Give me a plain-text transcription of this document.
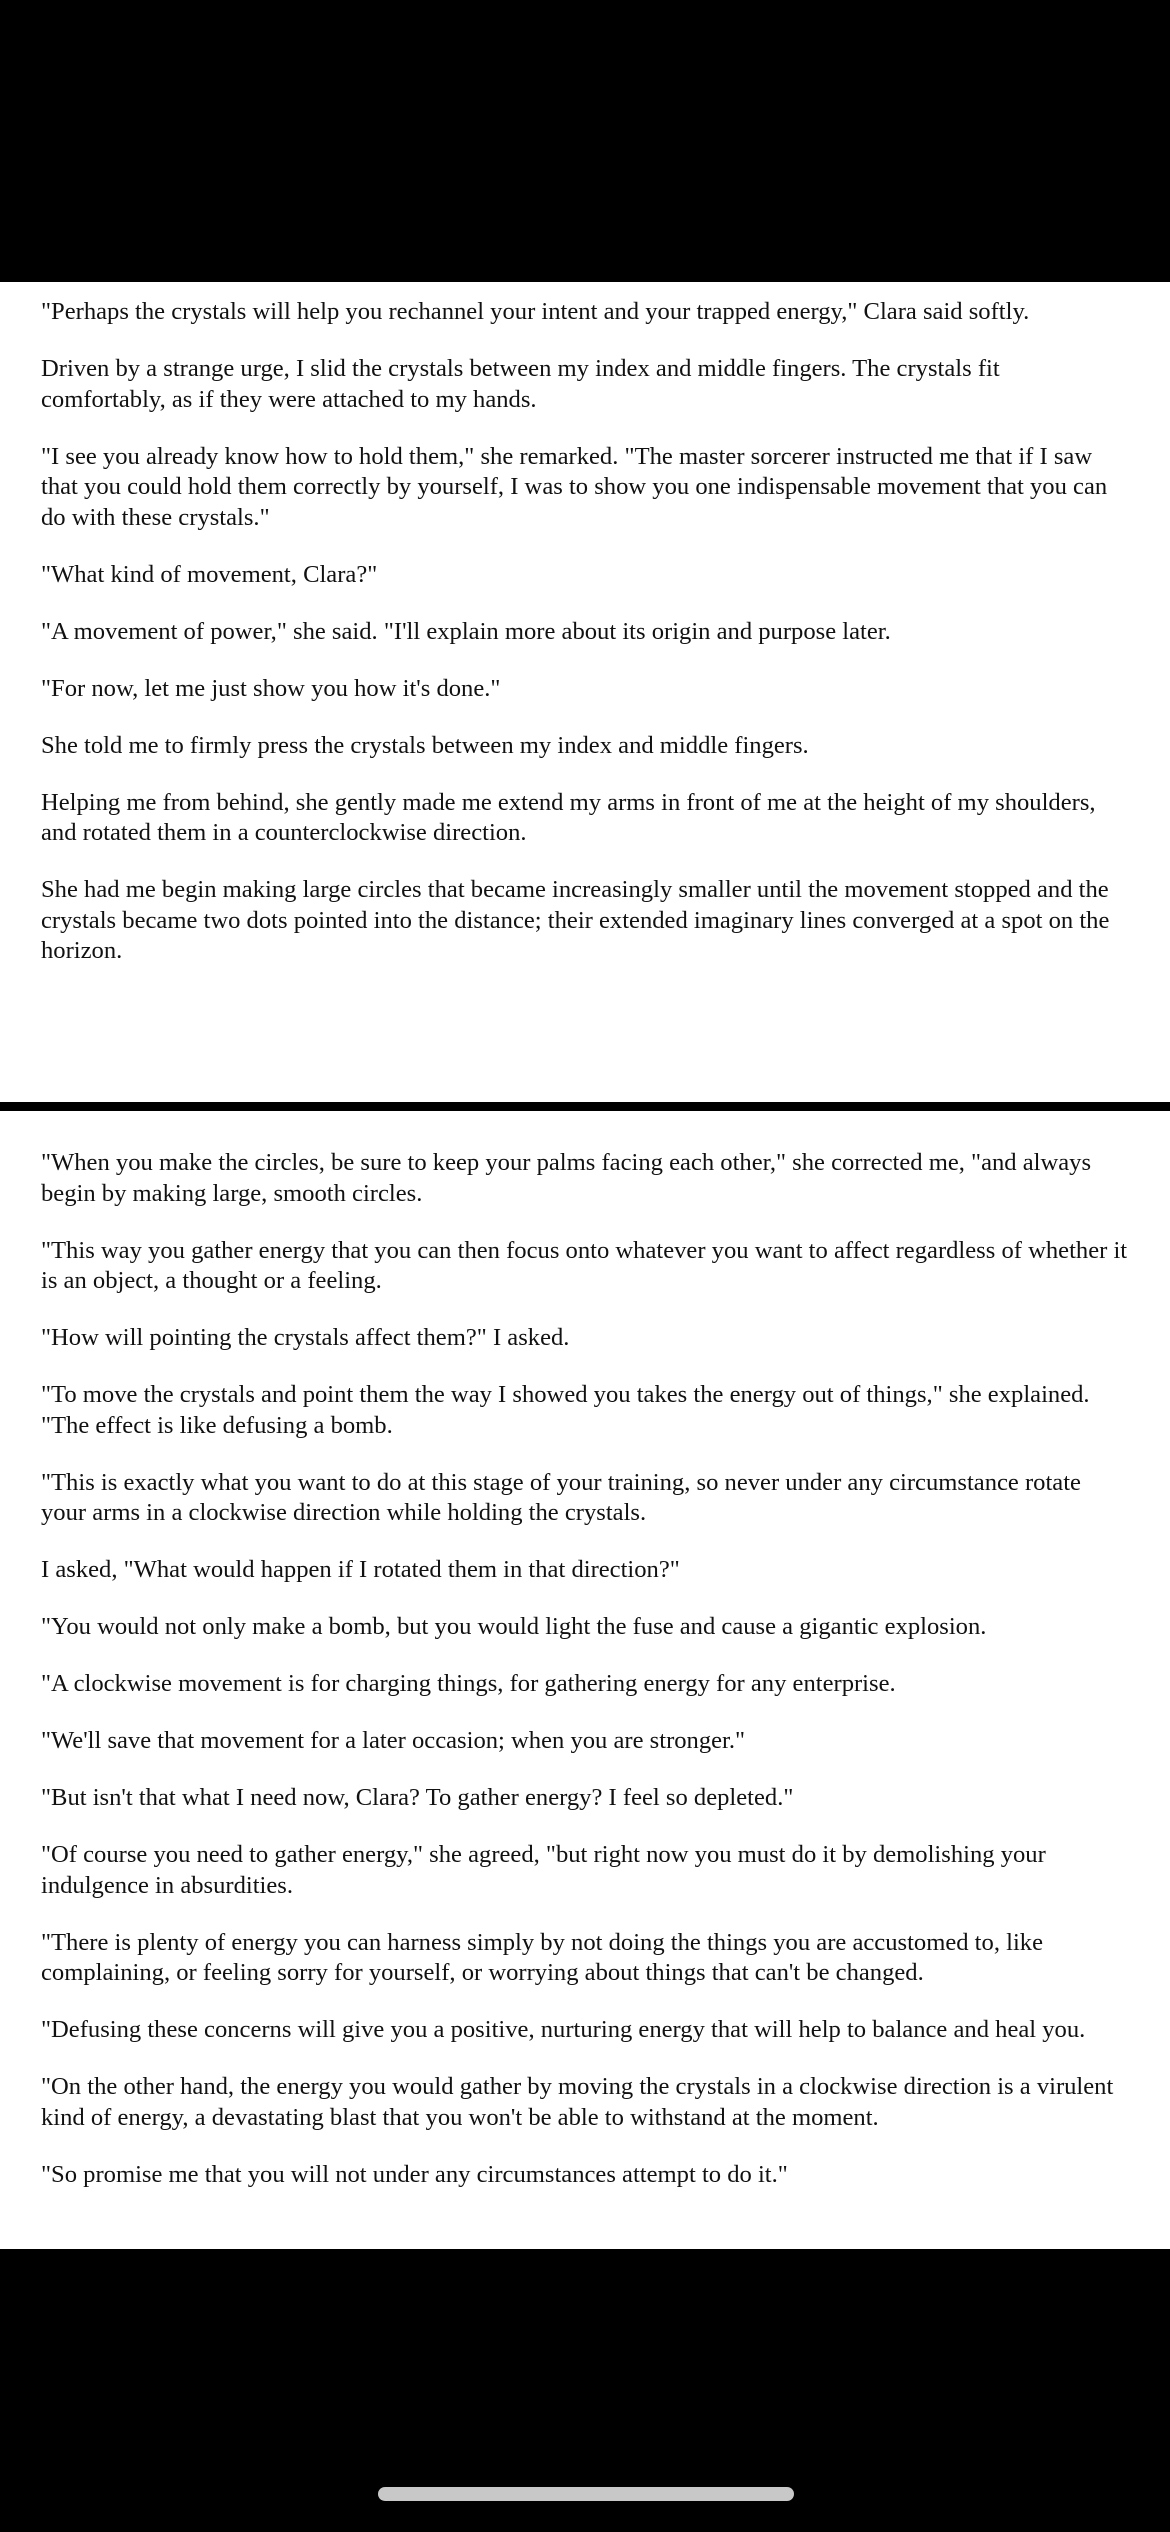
"Perhaps the crystals will help you rechannel your intent and your trapped energy," Clara said softly.

Driven by a strange urge, I slid the crystals between my index and middle fingers. The crystals fit comfortably, as if they were attached to my hands.

"I see you already know how to hold them," she remarked. "The master sorcerer instructed me that if I saw that you could hold them correctly by yourself, I was to show you one indispensable movement that you can do with these crystals."

"What kind of movement, Clara?"

"A movement of power," she said. "I'll explain more about its origin and purpose later.

"For now, let me just show you how it's done."

She told me to firmly press the crystals between my index and middle fingers.

Helping me from behind, she gently made me extend my arms in front of me at the height of my shoulders, and rotated them in a counterclockwise direction.

She had me begin making large circles that became increasingly smaller until the movement stopped and the crystals became two dots pointed into the distance; their extended imaginary lines converged at a spot on the horizon.

"When you make the circles, be sure to keep your palms facing each other," she corrected me, "and always begin by making large, smooth circles.

"This way you gather energy that you can then focus onto whatever you want to affect regardless of whether it is an object, a thought or a feeling.

"How will pointing the crystals affect them?" I asked.

"To move the crystals and point them the way I showed you takes the energy out of things," she explained. "The effect is like defusing a bomb.

"This is exactly what you want to do at this stage of your training, so never under any circumstance rotate your arms in a clockwise direction while holding the crystals.

I asked, "What would happen if I rotated them in that direction?"

"You would not only make a bomb, but you would light the fuse and cause a gigantic explosion.

"A clockwise movement is for charging things, for gathering energy for any enterprise.

"We'll save that movement for a later occasion; when you are stronger."

"But isn't that what I need now, Clara? To gather energy? I feel so depleted."

"Of course you need to gather energy," she agreed, "but right now you must do it by demolishing your indulgence in absurdities.

"There is plenty of energy you can harness simply by not doing the things you are accustomed to, like complaining, or feeling sorry for yourself, or worrying about things that can't be changed.

"Defusing these concerns will give you a positive, nurturing energy that will help to balance and heal you.

"On the other hand, the energy you would gather by moving the crystals in a clockwise direction is a virulent kind of energy, a devastating blast that you won't be able to withstand at the moment.

"So promise me that you will not under any circumstances attempt to do it."
